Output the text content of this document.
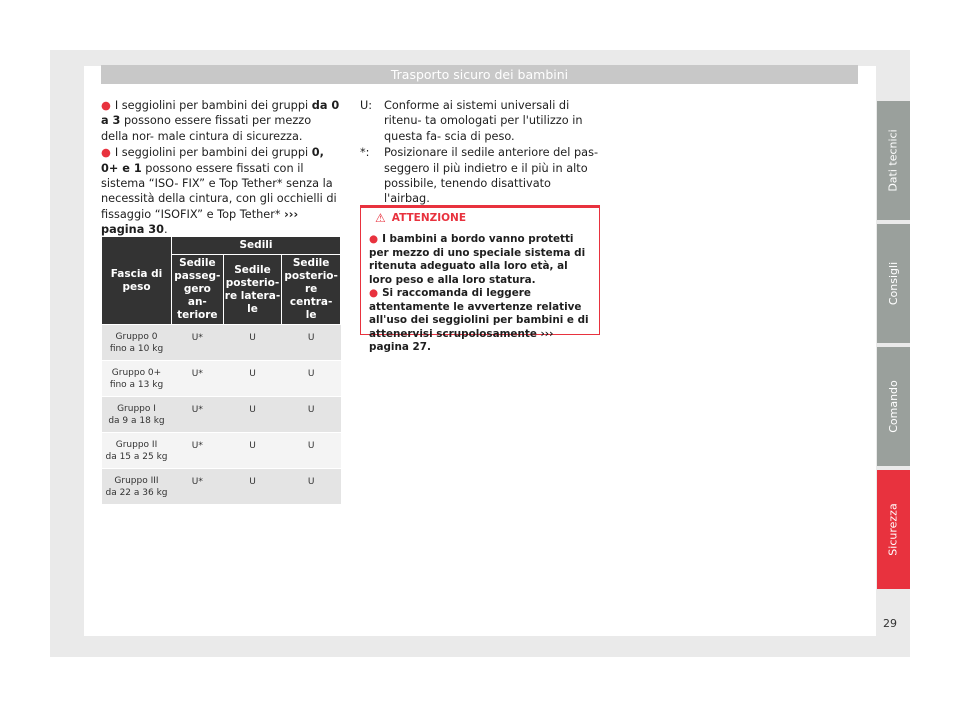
Trasporto sicuro dei bambini

● I seggiolini per bambini dei gruppi da 0 a 3 possono essere fissati per mezzo della nor- male cintura di sicurezza.

● I seggiolini per bambini dei gruppi 0, 0+ e 1 possono essere fissati con il sistema “ISO- FIX” e Top Tether* senza la necessità della cintura, con gli occhielli di fissaggio “ISOFIX” e Top Tether* ››› pagina 30.

Fascia di peso	Sedili		
	Sedile passeg- gero an- teriore	Sedile posterio- re latera- le	Sedile posterio- re centra- le
Gruppo 0
fino a 10 kg	U*	U	U
Gruppo 0+
fino a 13 kg	U*	U	U
Gruppo I
da 9 a 18 kg	U*	U	U
Gruppo II
da 15 a 25 kg	U*	U	U
Gruppo III
da 22 a 36 kg	U*	U	U
U:	Conforme ai sistemi universali di ritenu- ta omologati per l'utilizzo in questa fa- scia di peso.
*:	Posizionare il sedile anteriore del pas- seggero il più indietro e il più in alto possibile, tenendo disattivato l'airbag.
⚠ ATTENZIONE

● I bambini a bordo vanno protetti per mezzo di uno speciale sistema di ritenuta adeguato alla loro età, al loro peso e alla loro statura.

● Si raccomanda di leggere attentamente le avvertenze relative all'uso dei seggiolini per bambini e di attenervisi scrupolosamente ››› pagina 27.

Dati tecnici
Consigli
Comando
Sicurezza
29
